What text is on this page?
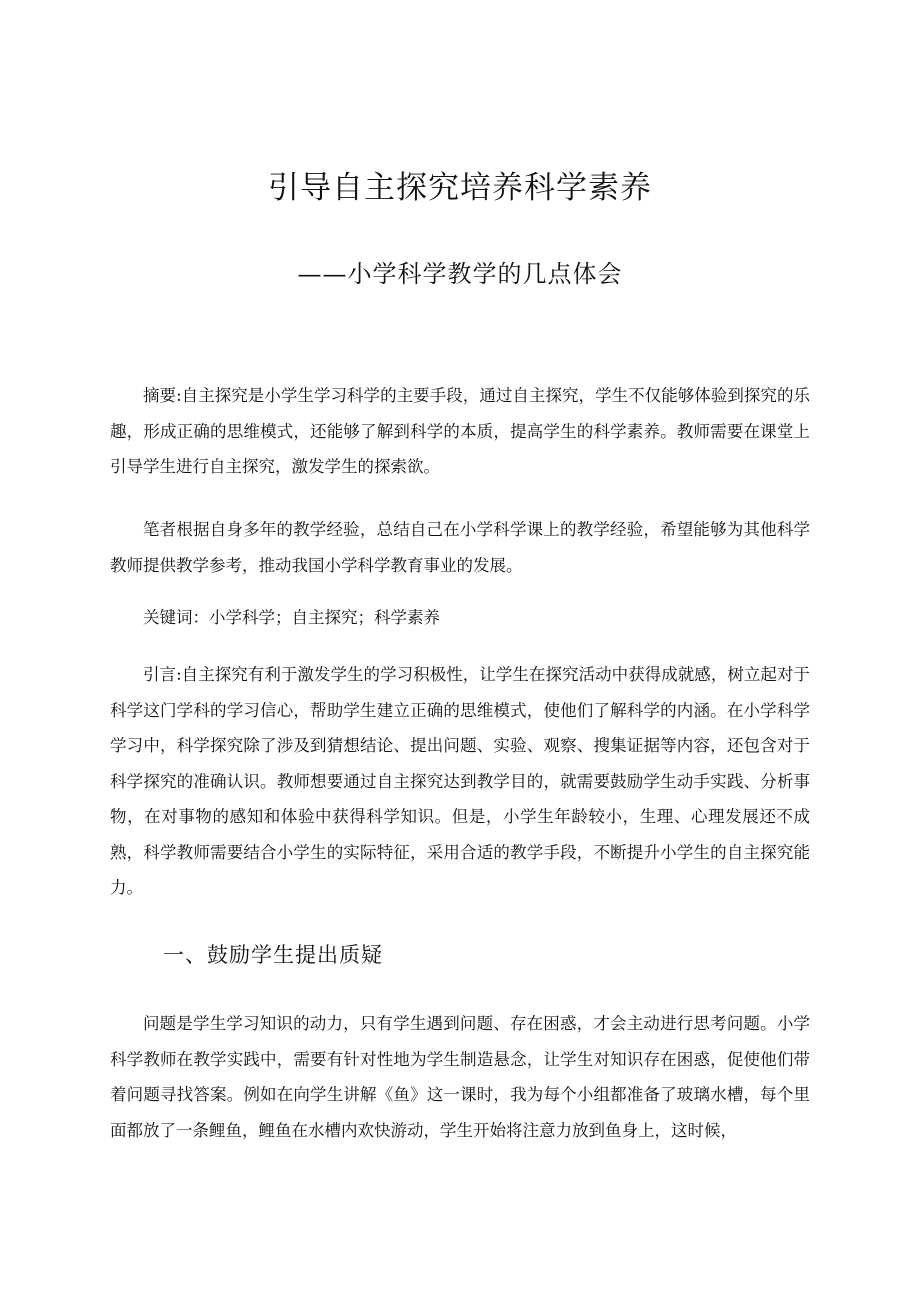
引导自主探究培养科学素养
——小学科学教学的几点体会

摘要:自主探究是小学生学习科学的主要手段，通过自主探究，学生不仅能够体验到探究的乐趣，形成正确的思维模式，还能够了解到科学的本质，提高学生的科学素养。教师需要在课堂上引导学生进行自主探究，激发学生的探索欲。

笔者根据自身多年的教学经验，总结自己在小学科学课上的教学经验，希望能够为其他科学教师提供教学参考，推动我国小学科学教育事业的发展。

关键词：小学科学；自主探究；科学素养

引言:自主探究有利于激发学生的学习积极性，让学生在探究活动中获得成就感，树立起对于科学这门学科的学习信心，帮助学生建立正确的思维模式，使他们了解科学的内涵。在小学科学学习中，科学探究除了涉及到猜想结论、提出问题、实验、观察、搜集证据等内容，还包含对于科学探究的准确认识。教师想要通过自主探究达到教学目的，就需要鼓励学生动手实践、分析事物，在对事物的感知和体验中获得科学知识。但是，小学生年龄较小，生理、心理发展还不成熟，科学教师需要结合小学生的实际特征，采用合适的教学手段，不断提升小学生的自主探究能力。

一、鼓励学生提出质疑

问题是学生学习知识的动力，只有学生遇到问题、存在困惑，才会主动进行思考问题。小学科学教师在教学实践中，需要有针对性地为学生制造悬念，让学生对知识存在困惑，促使他们带着问题寻找答案。例如在向学生讲解《鱼》这一课时，我为每个小组都准备了玻璃水槽，每个里面都放了一条鲤鱼，鲤鱼在水槽内欢快游动，学生开始将注意力放到鱼身上，这时候，
